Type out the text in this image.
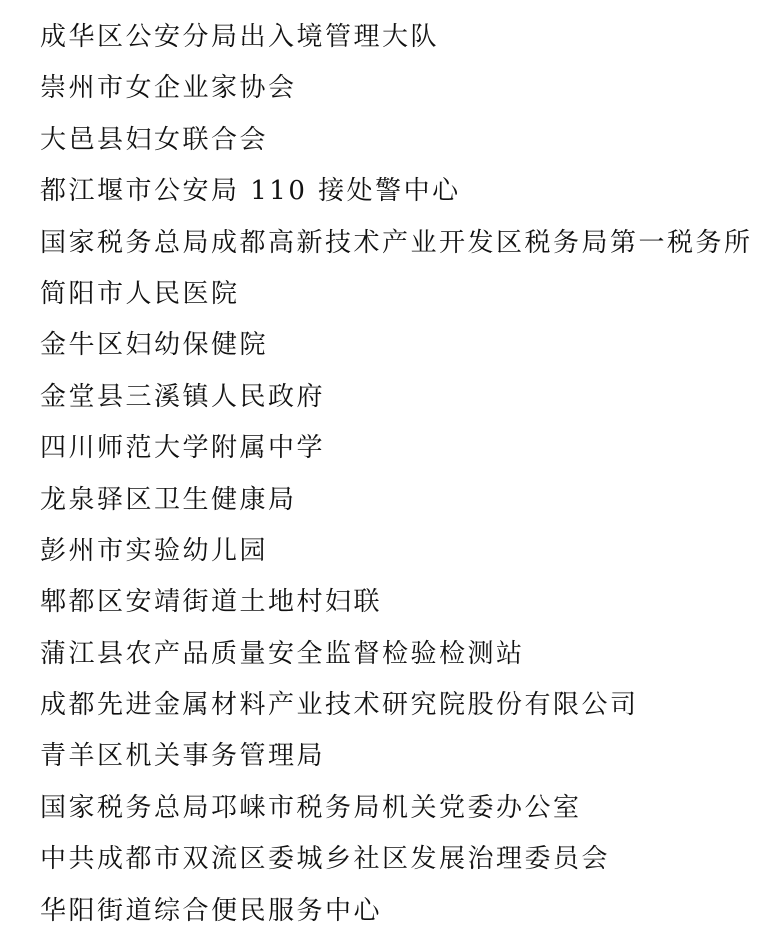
成华区公安分局出入境管理大队
崇州市女企业家协会
大邑县妇女联合会
都江堰市公安局 110 接处警中心
国家税务总局成都高新技术产业开发区税务局第一税务所
简阳市人民医院
金牛区妇幼保健院
金堂县三溪镇人民政府
四川师范大学附属中学
龙泉驿区卫生健康局
彭州市实验幼儿园
郫都区安靖街道土地村妇联
蒲江县农产品质量安全监督检验检测站
成都先进金属材料产业技术研究院股份有限公司
青羊区机关事务管理局
国家税务总局邛崃市税务局机关党委办公室
中共成都市双流区委城乡社区发展治理委员会
华阳街道综合便民服务中心
